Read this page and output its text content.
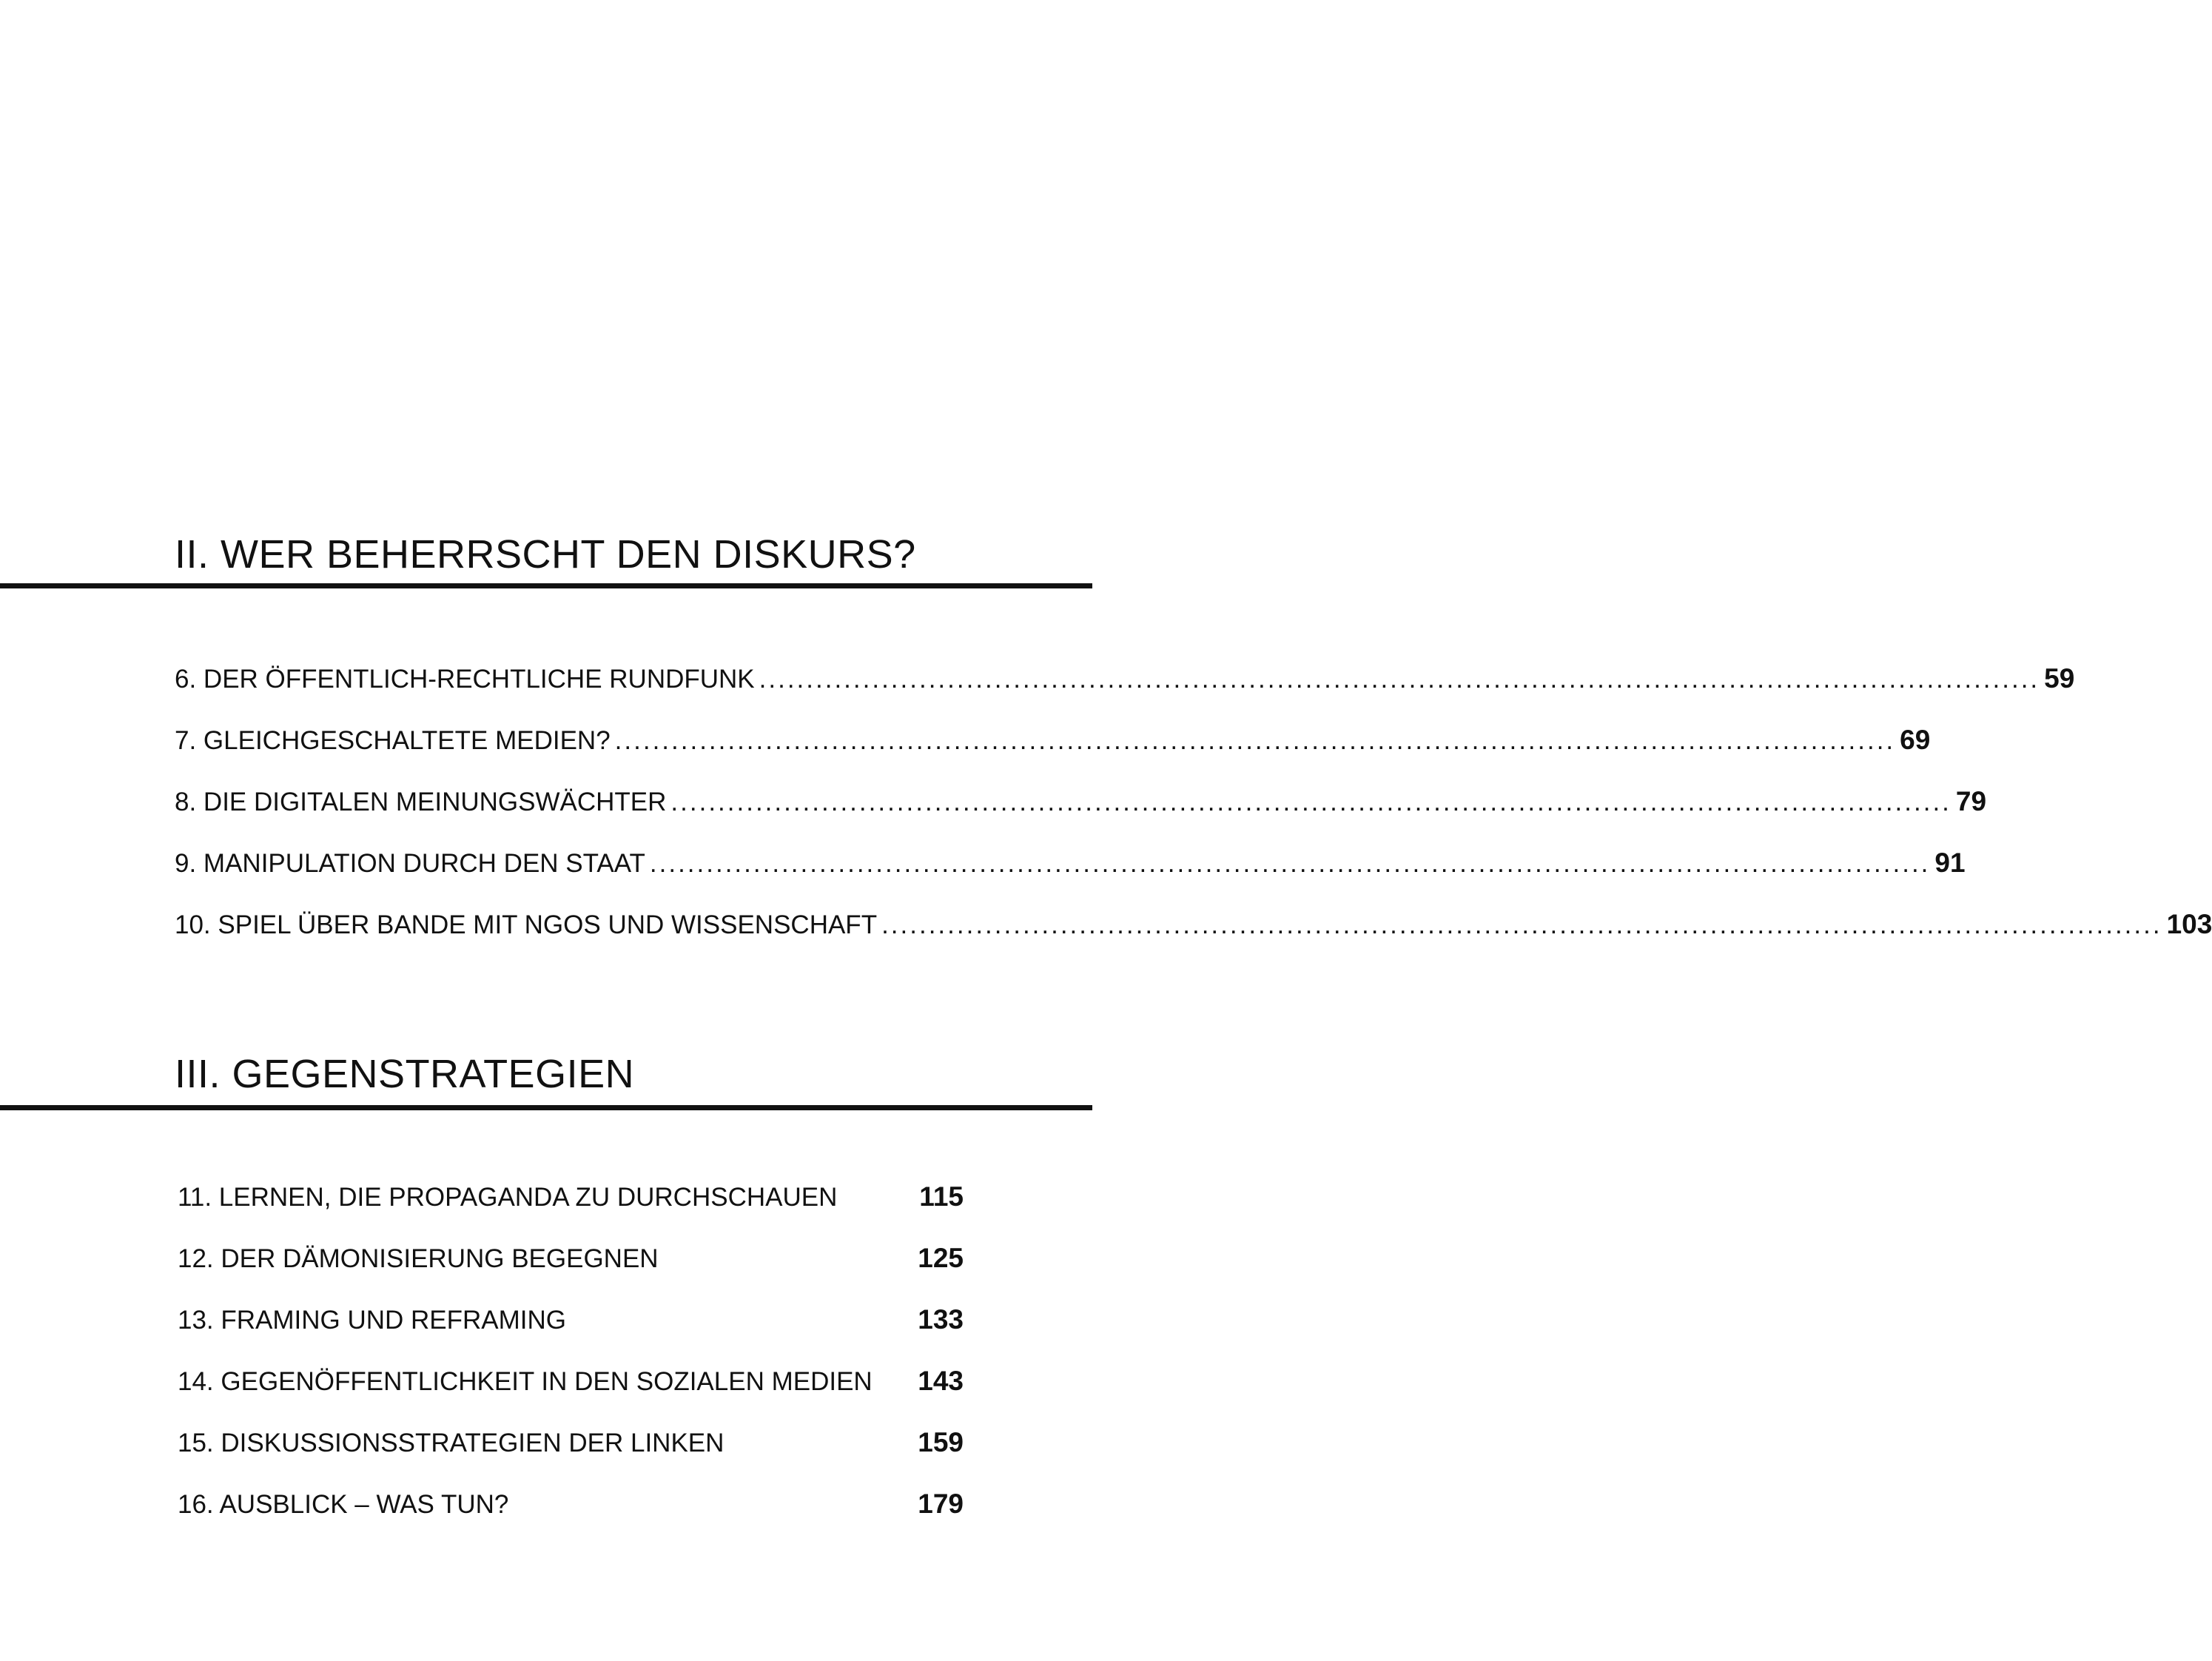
II. WER BEHERRSCHT DEN DISKURS?
6. DER ÖFFENTLICH-RECHTLICHE RUNDFUNK ........................................................................................................................................ 59
7. GLEICHGESCHALTETE MEDIEN? ........................................................................................................................................ 69
8. DIE DIGITALEN MEINUNGSWÄCHTER ........................................................................................................................................ 79
9. MANIPULATION DURCH DEN STAAT ........................................................................................................................................ 91
10. SPIEL ÜBER BANDE MIT NGOS UND WISSENSCHAFT ........................................................................................................................................ 103
III. GEGENSTRATEGIEN
11. LERNEN, DIE PROPAGANDA ZU DURCHSCHAUEN	115
12. DER DÄMONISIERUNG BEGEGNEN	125
13. FRAMING UND REFRAMING	133
14. GEGENÖFFENTLICHKEIT IN DEN SOZIALEN MEDIEN 143
15. DISKUSSIONSSTRATEGIEN DER LINKEN	159
16. AUSBLICK – WAS TUN?	179
